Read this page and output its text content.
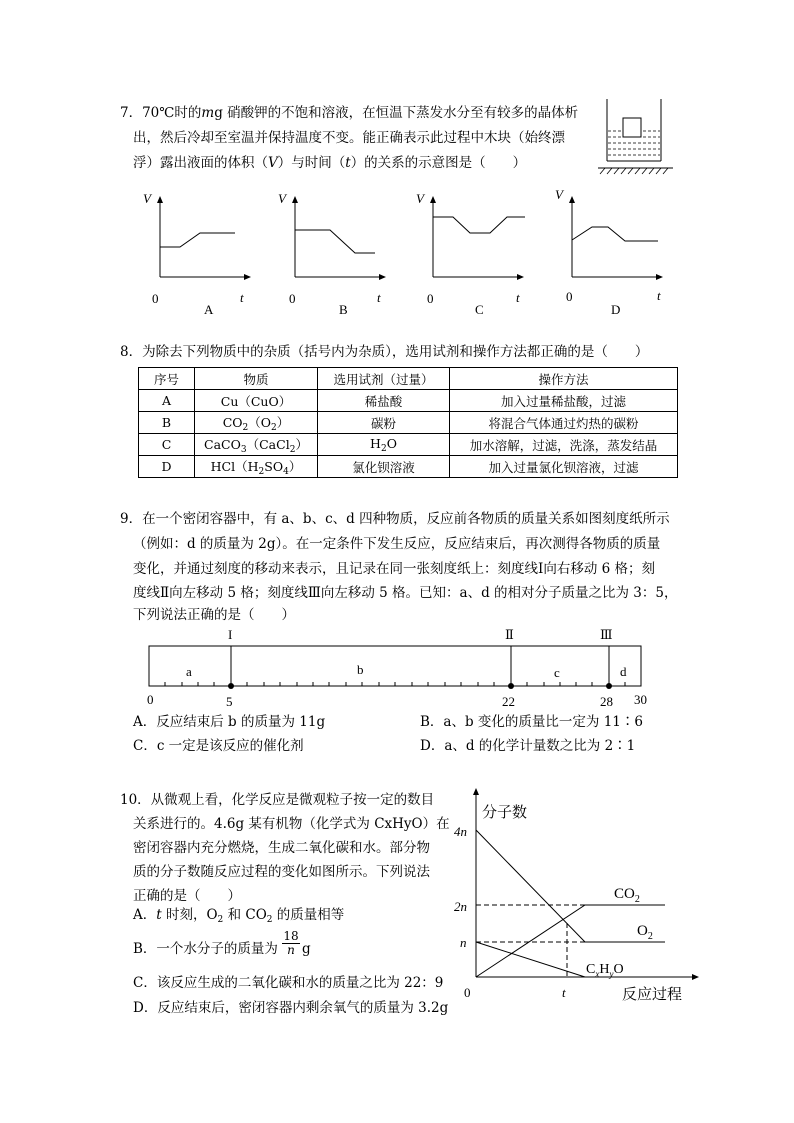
7．70℃时的mg 硝酸钾的不饱和溶液，在恒温下蒸发水分至有较多的晶体析
出，然后冷却至室温并保持温度不变。能正确表示此过程中木块（始终漂
浮）露出液面的体积（V）与时间（t）的关系的示意图是（　　）
V
0	t
A
V
0	t
B
V
0	t
C
V
0	t
D
8．为除去下列物质中的杂质（括号内为杂质），选用试剂和操作方法都正确的是（　　）
序号	物质	选用试剂（过量）	操作方法
A	Cu（CuO）	稀盐酸	加入过量稀盐酸，过滤
B	$CO_2(O_2)$	碳粉	将混合气体通过灼热的碳粉
C	CaCO$_3$（CaCl$_2$）	$H_2O$	加水溶解，过滤，洗涤，蒸发结晶
D	$HCl(H_2SO_4)$	氯化钡溶液	加入过量氯化钡溶液，过滤
9．在一个密闭容器中，有 a、b、c、d 四种物质，反应前各物质的质量关系如图刻度纸所示
（例如：d 的质量为 2g）。在一定条件下发生反应，反应结束后，再次测得各物质的质量
变化，并通过刻度的移动来表示，且记录在同一张刻度纸上：刻度线Ⅰ向右移动 6 格；刻
度线Ⅱ向左移动 5 格；刻度线Ⅲ向左移动 5 格。已知：a、d 的相对分子质量之比为 3：5，
下列说法正确的是（　　）
I	Ⅱ	Ⅲ
a	b	c	d
0	5	22	28 30
A．反应结束后 b 的质量为 11g	B．a、b 变化的质量比一定为 11∶6
C．c 一定是该反应的催化剂	D．a、d 的化学计量数之比为 2∶1
10．从微观上看，化学反应是微观粒子按一定的数目
关系进行的。4.6g 某有机物（化学式为 CxHyO）在
密闭容器内充分燃烧，生成二氧化碳和水。部分物
质的分子数随反应过程的变化如图所示。下列说法
正确的是（　　）
A．t 时刻，$O_2$ 和 $CO_2$ 的质量相等
B．一个水分子的质量为 $\frac{18}{n}$ g
C．该反应生成的二氧化碳和水的质量之比为 22：9
D．反应结束后，密闭容器内剩余氧气的质量为 3.2g
分子数
反应过程
4n
2n
n
0	t
$CO_2$
$O_2$
$C_xH_yO$
